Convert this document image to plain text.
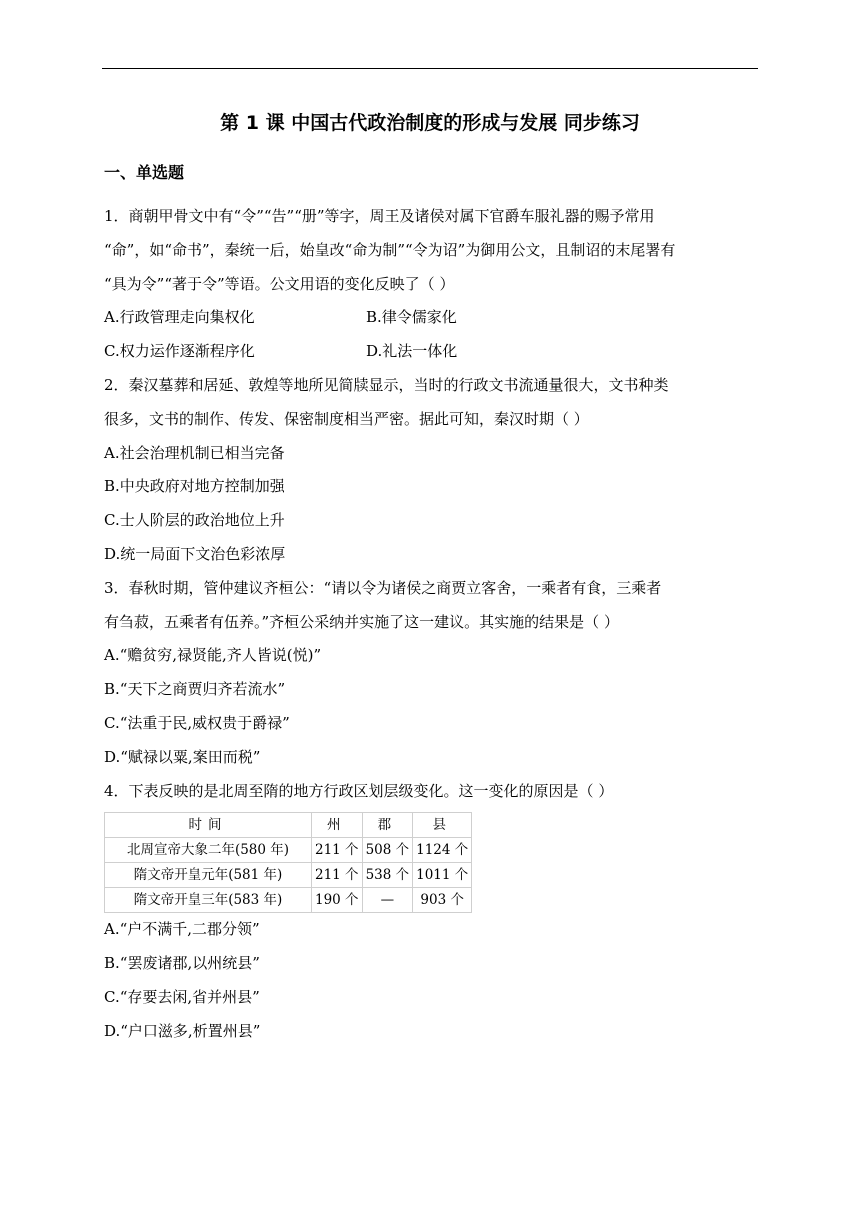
第 1 课 中国古代政治制度的形成与发展 同步练习
一、单选题
1．商朝甲骨文中有“令”“告”“册”等字，周王及诸侯对属下官爵车服礼器的赐予常用
“命”，如“命书”，秦统一后，始皇改“命为制”“令为诏”为御用公文，且制诏的末尾署有
“具为令”“著于令”等语。公文用语的变化反映了（ ）
A.行政管理走向集权化	B.律令儒家化
C.权力运作逐渐程序化	D.礼法一体化
2．秦汉墓葬和居延、敦煌等地所见简牍显示，当时的行政文书流通量很大，文书种类
很多，文书的制作、传发、保密制度相当严密。据此可知，秦汉时期（ ）
A.社会治理机制已相当完备
B.中央政府对地方控制加强
C.士人阶层的政治地位上升
D.统一局面下文治色彩浓厚
3．春秋时期，管仲建议齐桓公：“请以令为诸侯之商贾立客舍，一乘者有食，三乘者
有刍菽，五乘者有伍养。”齐桓公采纳并实施了这一建议。其实施的结果是（ ）
A.“赡贫穷,禄贤能,齐人皆说(悦)”
B.“天下之商贾归齐若流水”
C.“法重于民,威权贵于爵禄”
D.“赋禄以粟,案田而税”
4．下表反映的是北周至隋的地方行政区划层级变化。这一变化的原因是（ ）
时间	州	郡	县
北周宣帝大象二年(580 年)	211 个	508 个	1124 个
隋文帝开皇元年(581 年)	211 个	538 个	1011 个
隋文帝开皇三年(583 年)	190 个	—	903 个
A.“户不满千,二郡分领”
B.“罢废诸郡,以州统县”
C.“存要去闲,省并州县”
D.“户口滋多,析置州县”
